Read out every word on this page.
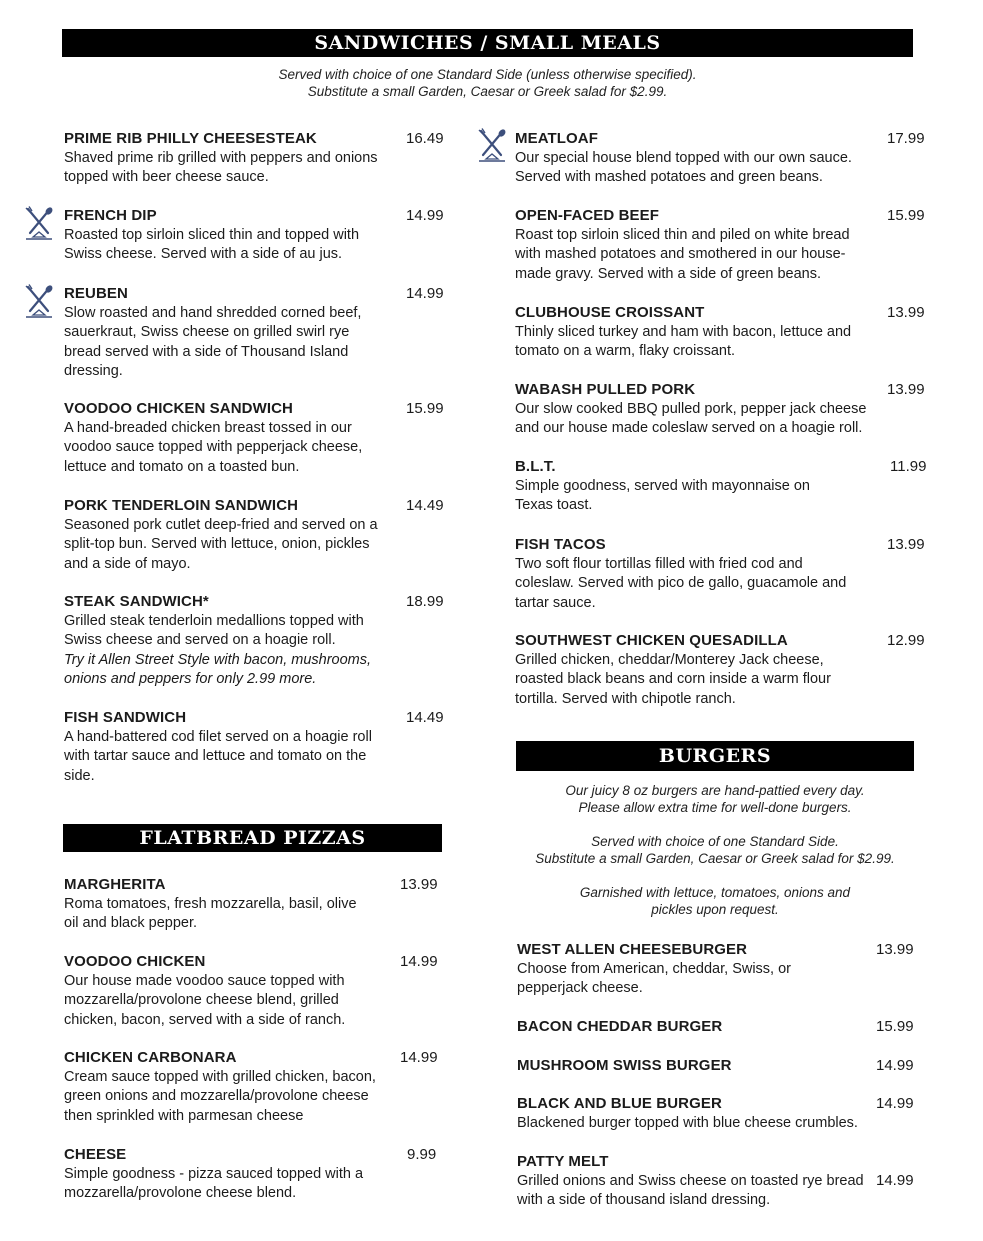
SANDWICHES / SMALL MEALS

Served with choice of one Standard Side (unless otherwise specified).

Substitute a small Garden, Caesar or Greek salad for $2.99.

PRIME RIB PHILLY CHEESESTEAK
Shaved prime rib grilled with peppers and onions topped with beer cheese sauce.
16.49
FRENCH DIP
Roasted top sirloin sliced thin and topped with Swiss cheese. Served with a side of au jus.
14.99
REUBEN
Slow roasted and hand shredded corned beef, sauerkraut, Swiss cheese on grilled swirl rye bread served with a side of Thousand Island dressing.
14.99
VOODOO CHICKEN SANDWICH
A hand-breaded chicken breast tossed in our voodoo sauce topped with pepperjack cheese, lettuce and tomato on a toasted bun.
15.99
PORK TENDERLOIN SANDWICH
Seasoned pork cutlet deep-fried and served on a split-top bun. Served with lettuce, onion, pickles and a side of mayo.
14.49
STEAK SANDWICH*
Grilled steak tenderloin medallions topped with Swiss cheese and served on a hoagie roll.
Try it Allen Street Style with bacon, mushrooms, onions and peppers for only 2.99 more.
18.99
FISH SANDWICH
A hand-battered cod filet served on a hoagie roll with tartar sauce and lettuce and tomato on the side.
14.49
MEATLOAF
Our special house blend topped with our own sauce. Served with mashed potatoes and green beans.
17.99
OPEN-FACED BEEF
Roast top sirloin sliced thin and piled on white bread with mashed potatoes and smothered in our house-made gravy. Served with a side of green beans.
15.99
CLUBHOUSE CROISSANT
Thinly sliced turkey and ham with bacon, lettuce and tomato on a warm, flaky croissant.
13.99
WABASH PULLED PORK
Our slow cooked BBQ pulled pork, pepper jack cheese and our house made coleslaw served on a hoagie roll.
13.99
B.L.T.
Simple goodness, served with mayonnaise on Texas toast.
11.99
FISH TACOS
Two soft flour tortillas filled with fried cod and coleslaw. Served with pico de gallo, guacamole and tartar sauce.
13.99
SOUTHWEST CHICKEN QUESADILLA
Grilled chicken, cheddar/Monterey Jack cheese, roasted black beans and corn inside a warm flour tortilla. Served with chipotle ranch.
12.99
FLATBREAD PIZZAS
MARGHERITA
Roma tomatoes, fresh mozzarella, basil, olive oil and black pepper.
13.99
VOODOO CHICKEN
Our house made voodoo sauce topped with mozzarella/provolone cheese blend, grilled chicken, bacon, served with a side of ranch.
14.99
CHICKEN CARBONARA
Cream sauce topped with grilled chicken, bacon, green onions and mozzarella/provolone cheese then sprinkled with parmesan cheese
14.99
CHEESE
Simple goodness - pizza sauced topped with a mozzarella/provolone cheese blend.
9.99
BURGERS

Our juicy 8 oz burgers are hand-pattied every day.

Please allow extra time for well-done burgers.

Served with choice of one Standard Side.

Substitute a small Garden, Caesar or Greek salad for $2.99.

Garnished with lettuce, tomatoes, onions and

pickles upon request.

WEST ALLEN CHEESEBURGER
Choose from American, cheddar, Swiss, or pepperjack cheese.
13.99
BACON CHEDDAR BURGER	15.99
MUSHROOM SWISS BURGER	14.99
BLACK AND BLUE BURGER
Blackened burger topped with blue cheese crumbles.
14.99
PATTY MELT
Grilled onions and Swiss cheese on toasted rye bread with a side of thousand island dressing.
14.99
